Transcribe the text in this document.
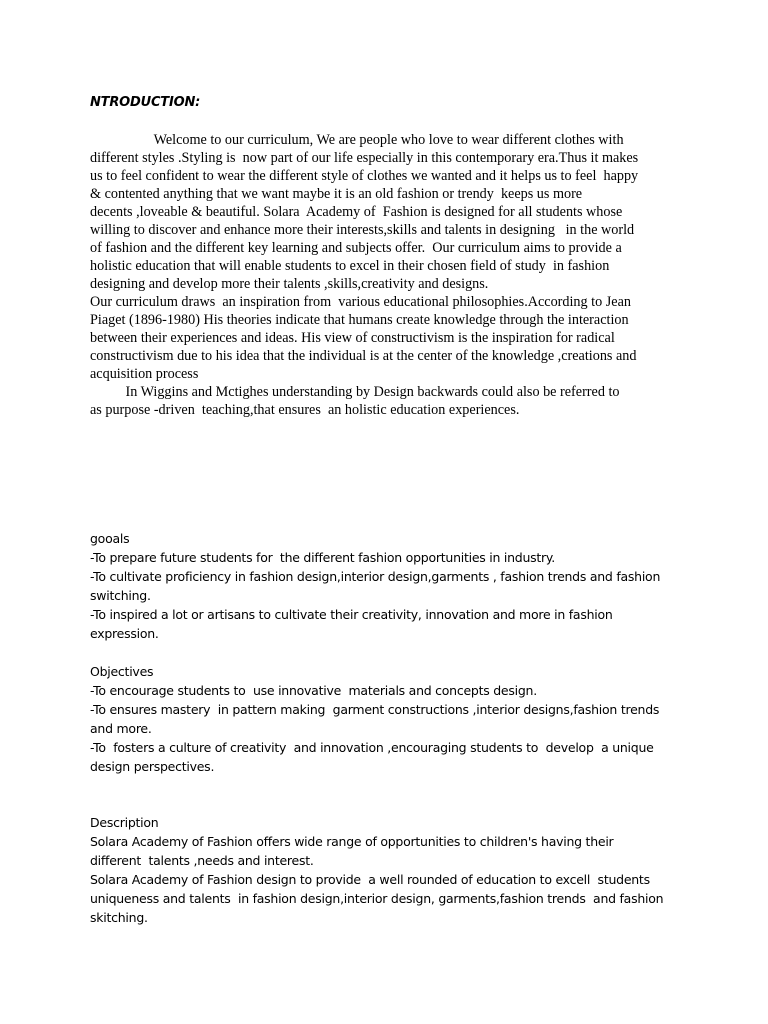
NTRODUCTION:
Welcome to our curriculum, We are people who love to wear different clothes with
different styles .Styling is  now part of our life especially in this contemporary era.Thus it makes
us to feel confident to wear the different style of clothes we wanted and it helps us to feel  happy
& contented anything that we want maybe it is an old fashion or trendy  keeps us more
decents ,loveable & beautiful. Solara  Academy of  Fashion is designed for all students whose
willing to discover and enhance more their interests,skills and talents in designing   in the world
of fashion and the different key learning and subjects offer.  Our curriculum aims to provide a
holistic education that will enable students to excel in their chosen field of study  in fashion
designing and develop more their talents ,skills,creativity and designs.
Our curriculum draws  an inspiration from  various educational philosophies.According to Jean
Piaget (1896-1980) His theories indicate that humans create knowledge through the interaction
between their experiences and ideas. His view of constructivism is the inspiration for radical
constructivism due to his idea that the individual is at the center of the knowledge ,creations and
acquisition process
In Wiggins and Mctighes understanding by Design backwards could also be referred to
as purpose -driven  teaching,that ensures  an holistic education experiences.
gooals
-To prepare future students for  the different fashion opportunities in industry.
-To cultivate proficiency in fashion design,interior design,garments , fashion trends and fashion
switching.
-To inspired a lot or artisans to cultivate their creativity, innovation and more in fashion
expression.
Objectives
-To encourage students to  use innovative  materials and concepts design.
-To ensures mastery  in pattern making  garment constructions ,interior designs,fashion trends
and more.
-To  fosters a culture of creativity  and innovation ,encouraging students to  develop  a unique
design perspectives.
Description
Solara Academy of Fashion offers wide range of opportunities to children's having their
different  talents ,needs and interest.
Solara Academy of Fashion design to provide  a well rounded of education to excell  students
uniqueness and talents  in fashion design,interior design, garments,fashion trends  and fashion
skitching.
